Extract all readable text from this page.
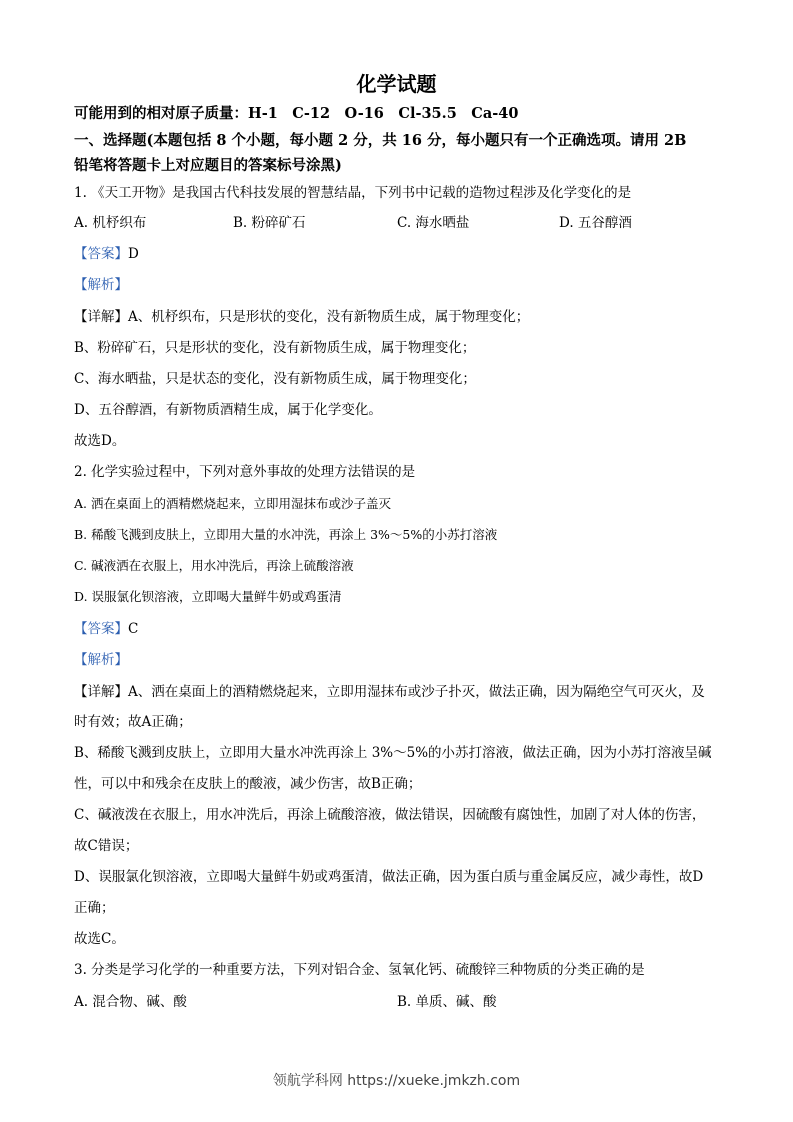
化学试题
可能用到的相对原子质量：H-1　C-12　O-16　Cl-35.5　Ca-40
一、选择题(本题包括 8 个小题，每小题 2 分，共 16 分，每小题只有一个正确选项。请用 2B
铅笔将答题卡上对应题目的答案标号涂黑)
1. 《天工开物》是我国古代科技发展的智慧结晶，下列书中记载的造物过程涉及化学变化的是
A. 机杼织布	B. 粉碎矿石	C. 海水晒盐	D. 五谷醇酒
【答案】D
【解析】
【详解】A、机杼织布，只是形状的变化，没有新物质生成，属于物理变化；
B、粉碎矿石，只是形状的变化，没有新物质生成，属于物理变化；
C、海水晒盐，只是状态的变化，没有新物质生成，属于物理变化；
D、五谷醇酒，有新物质酒精生成，属于化学变化。
故选D。
2. 化学实验过程中，下列对意外事故的处理方法错误的是
A. 洒在桌面上的酒精燃烧起来，立即用湿抹布或沙子盖灭
B. 稀酸飞溅到皮肤上，立即用大量的水冲洗，再涂上 3%～5%的小苏打溶液
C. 碱液洒在衣服上，用水冲洗后，再涂上硫酸溶液
D. 误服氯化钡溶液，立即喝大量鲜牛奶或鸡蛋清
【答案】C
【解析】
【详解】A、洒在桌面上的酒精燃烧起来，立即用湿抹布或沙子扑灭，做法正确，因为隔绝空气可灭火，及
时有效；故A正确；
B、稀酸飞溅到皮肤上，立即用大量水冲洗再涂上 3%～5%的小苏打溶液，做法正确，因为小苏打溶液呈碱
性，可以中和残余在皮肤上的酸液，减少伤害，故B正确；
C、碱液泼在衣服上，用水冲洗后，再涂上硫酸溶液，做法错误，因硫酸有腐蚀性，加剧了对人体的伤害，
故C错误；
D、误服氯化钡溶液，立即喝大量鲜牛奶或鸡蛋清，做法正确，因为蛋白质与重金属反应，减少毒性，故D
正确；
故选C。
3. 分类是学习化学的一种重要方法，下列对铝合金、氢氧化钙、硫酸锌三种物质的分类正确的是
A. 混合物、碱、酸	B. 单质、碱、酸
领航学科网 https://xueke.jmkzh.com
